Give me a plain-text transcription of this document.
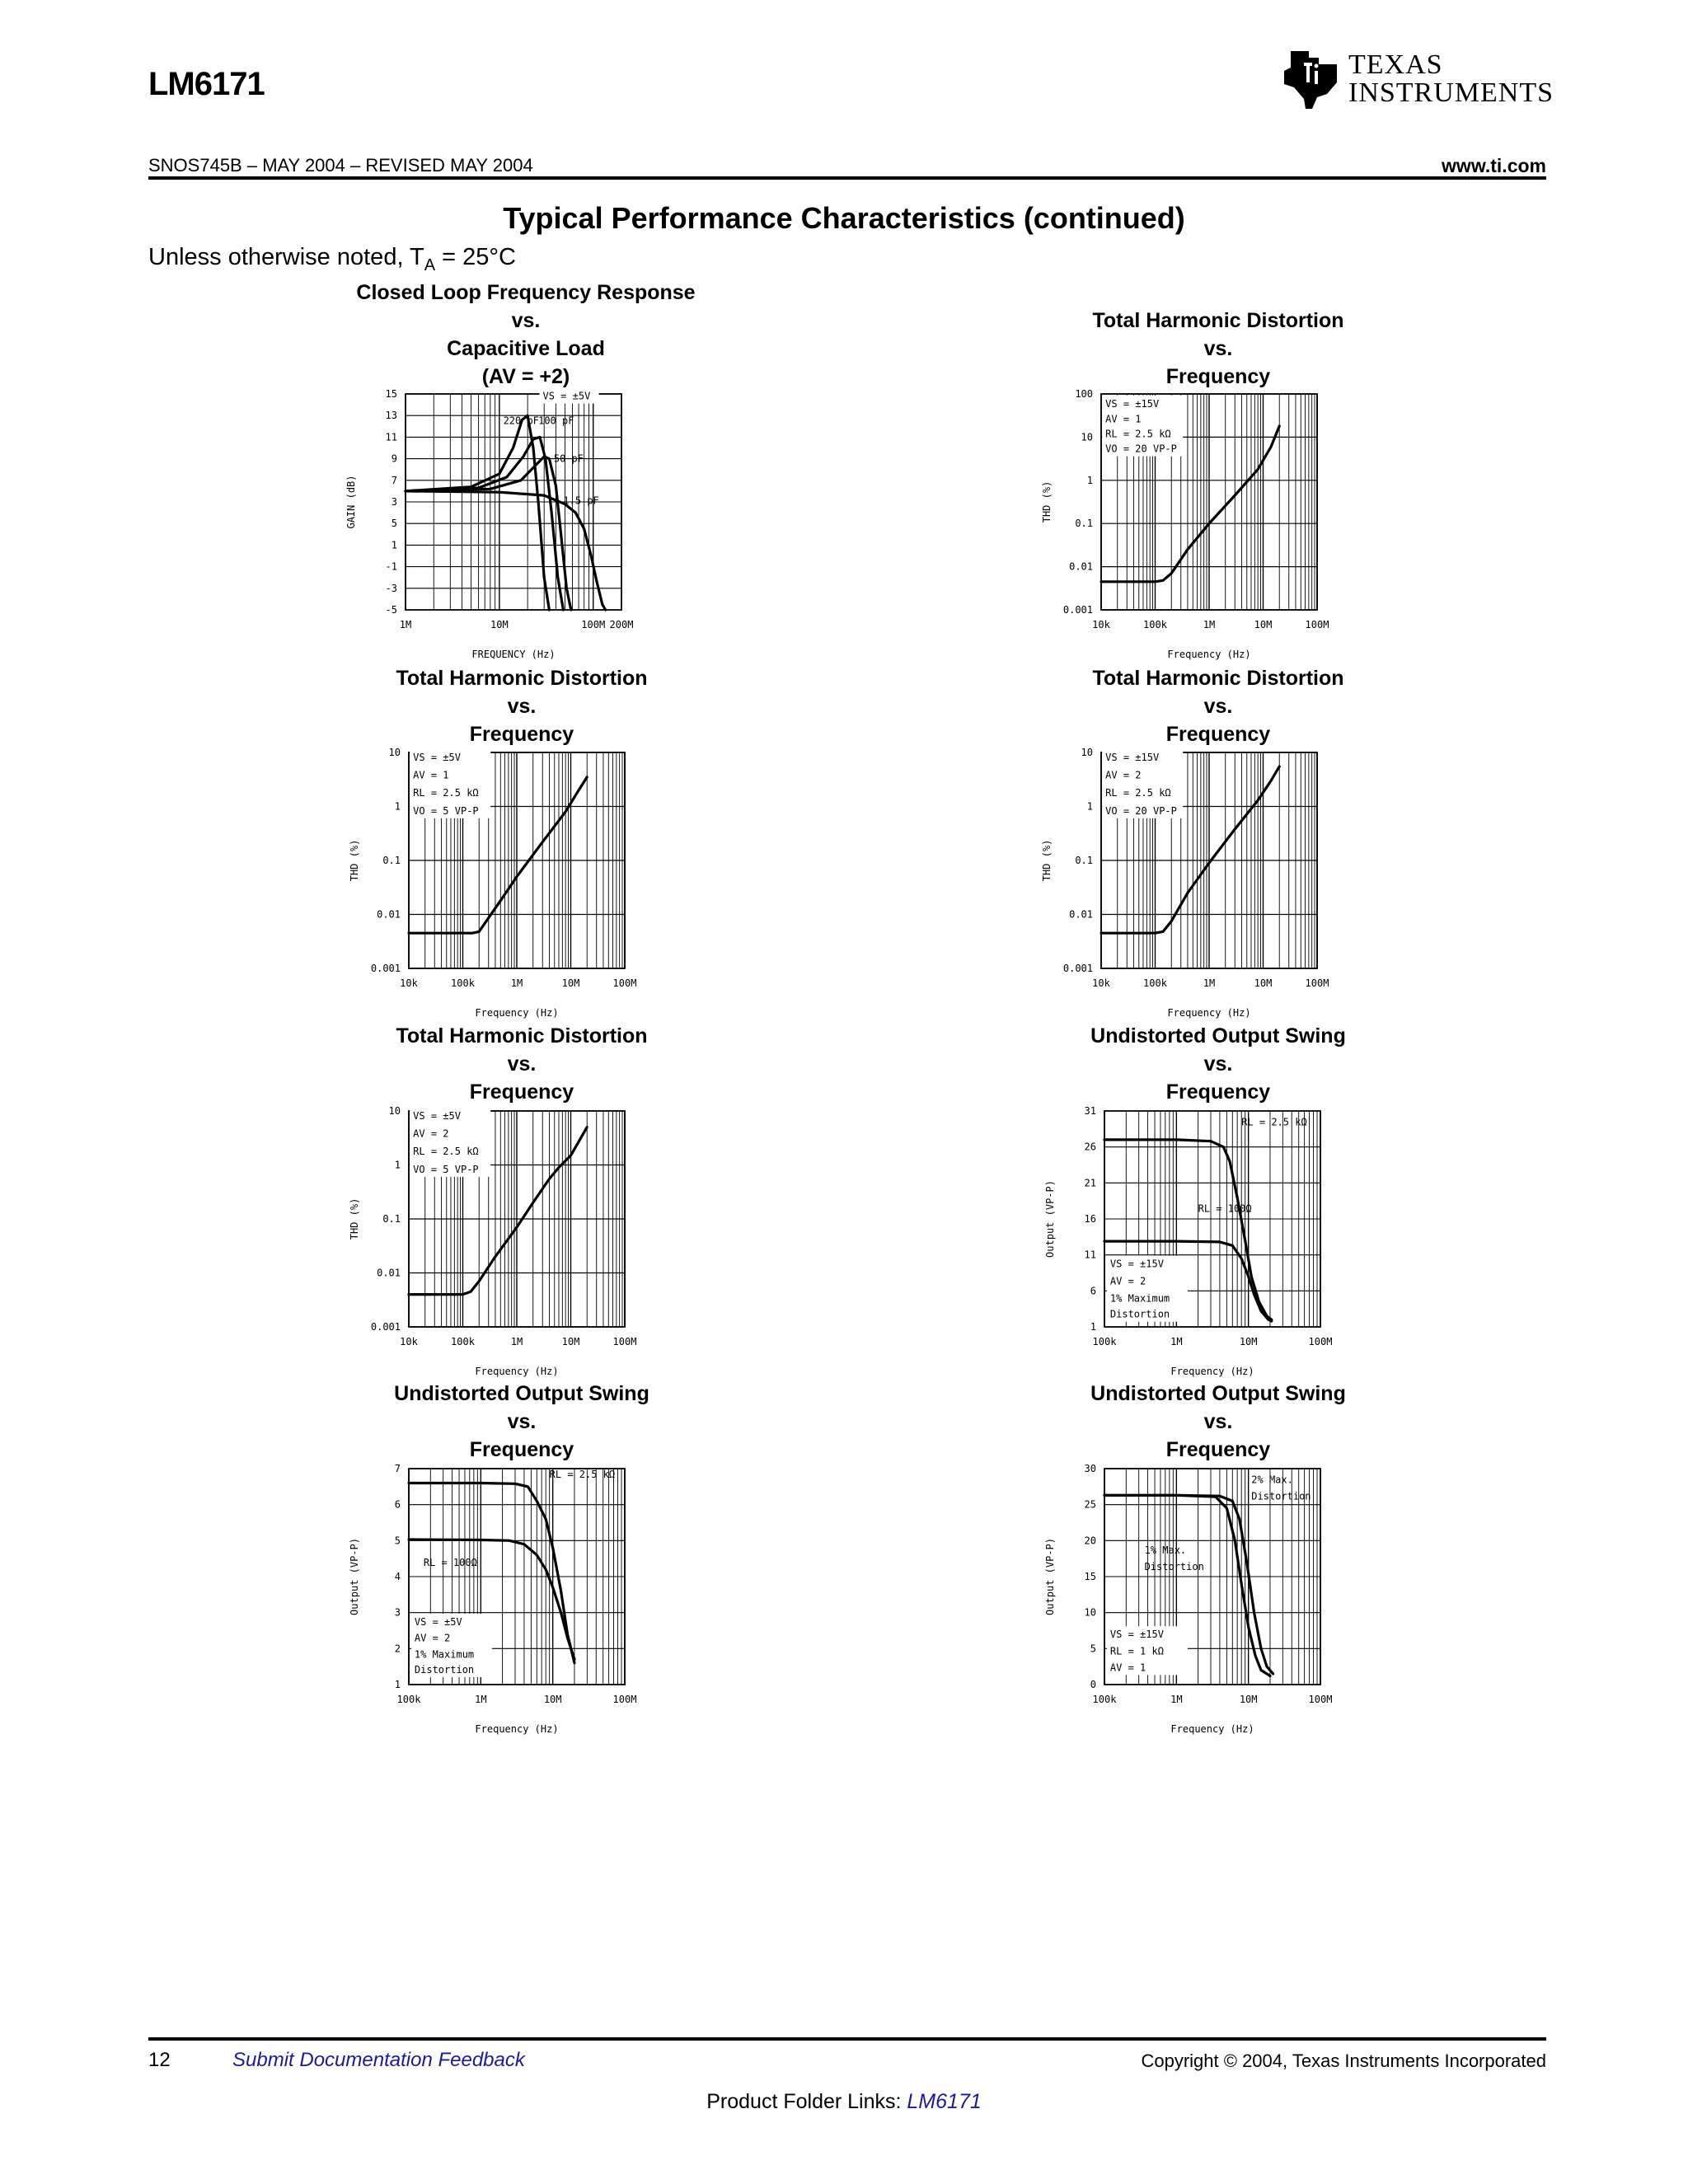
LM6171
TEXAS
INSTRUMENTS
SNOS745B – MAY 2004 – REVISED MAY 2004	www.ti.com
Typical Performance Characteristics (continued)
Unless otherwise noted, $T_A = 25^\circ C$
12	Submit Documentation Feedback	Copyright © 2004, Texas Instruments Incorporated
Product Folder Links: LM6171
Closed Loop Frequency Response
vs.
Capacitive Load
(AV = +2)
1M	10M	100M 200M
15
13
11
9
7
3
5
1
-1
-3
-5
FREQUENCY (Hz)
GAIN (dB)
220 pF 100 pF
50 pF
1.5 pF
VS = ±5V
Total Harmonic Distortion
vs.
Frequency
10k	100k	1M	10M	100M
100
10
1
0.1
0.01
0.001
Frequency (Hz)
THD (%)
VS = ±15V
AV = 1
RL = 2.5 kΩ
VO = 20 VP-P
Total Harmonic Distortion
vs.
Frequency
10k	100k	1M	10M	100M
10
1
0.1
0.01
0.001
Frequency (Hz)
THD (%)
VS = ±5V
AV = 1
RL = 2.5 kΩ
VO = 5 VP-P
Total Harmonic Distortion
vs.
Frequency
10k	100k	1M	10M	100M
10
1
0.1
0.01
0.001
Frequency (Hz)
THD (%)
VS = ±15V
AV = 2
RL = 2.5 kΩ
VO = 20 VP-P
Total Harmonic Distortion
vs.
Frequency
10k	100k	1M	10M	100M
10
1
0.1
0.01
0.001
Frequency (Hz)
THD (%)
VS = ±5V
AV = 2
RL = 2.5 kΩ
VO = 5 VP-P
Undistorted Output Swing
vs.
Frequency
100k	1M	10M	100M
31
26
21
16
11
6
1
Frequency (Hz)
Output (VP-P)
RL = 2.5 kΩ
RL = 100Ω
VS = ±15V
AV = 2
1% Maximum
Distortion
Undistorted Output Swing
vs.
Frequency
100k	1M	10M	100M
7
6
5
4
3
2
1
Frequency (Hz)
Output (VP-P)
RL = 2.5 kΩ
RL = 100Ω
VS = ±5V
AV = 2
1% Maximum
Distortion
Undistorted Output Swing
vs.
Frequency
100k	1M	10M	100M
30
25
20
15
10
5
0
Frequency (Hz)
Output (VP-P)
2% Max.
Distortion
1% Max.
Distortion
VS = ±15V
RL = 1 kΩ
AV = 1
